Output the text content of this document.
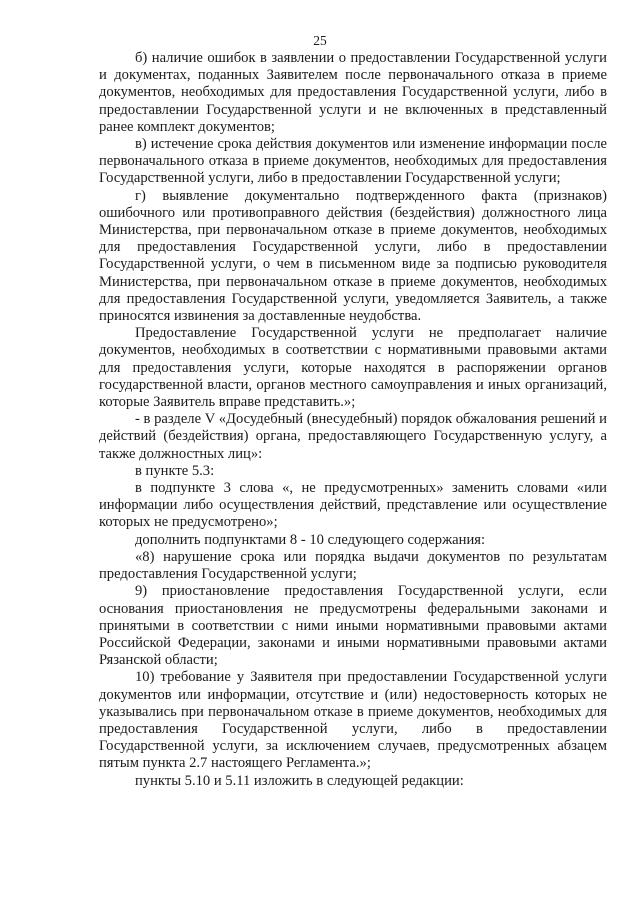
25

б) наличие ошибок в заявлении о предоставлении Государственной услуги и документах, поданных Заявителем после первоначального отказа в приеме документов, необходимых для предоставления Государственной услуги, либо в предоставлении Государственной услуги и не включенных в представленный ранее комплект документов;

в) истечение срока действия документов или изменение информации после первоначального отказа в приеме документов, необходимых для предоставления Государственной услуги, либо в предоставлении Государственной услуги;

г) выявление документально подтвержденного факта (признаков) ошибочного или противоправного действия (бездействия) должностного лица Министерства, при первоначальном отказе в приеме документов, необходимых для предоставления Государственной услуги, либо в предоставлении Государственной услуги, о чем в письменном виде за подписью руководителя Министерства, при первоначальном отказе в приеме документов, необходимых для предоставления Государственной услуги, уведомляется Заявитель, а также приносятся извинения за доставленные неудобства.

Предоставление Государственной услуги не предполагает наличие документов, необходимых в соответствии с нормативными правовыми актами для предоставления услуги, которые находятся в распоряжении органов государственной власти, органов местного самоуправления и иных организаций, которые Заявитель вправе представить.»;

- в разделе V «Досудебный (внесудебный) порядок обжалования решений и действий (бездействия) органа, предоставляющего Государственную услугу, а также должностных лиц»:

в пункте 5.3:

в подпункте 3 слова «, не предусмотренных» заменить словами «или информации либо осуществления действий, представление или осуществление которых не предусмотрено»;

дополнить подпунктами 8 - 10 следующего содержания:

«8) нарушение срока или порядка выдачи документов по результатам предоставления Государственной услуги;

9) приостановление предоставления Государственной услуги, если основания приостановления не предусмотрены федеральными законами и принятыми в соответствии с ними иными нормативными правовыми актами Российской Федерации, законами и иными нормативными правовыми актами Рязанской области;

10) требование у Заявителя при предоставлении Государственной услуги документов или информации, отсутствие и (или) недостоверность которых не указывались при первоначальном отказе в приеме документов, необходимых для предоставления Государственной услуги, либо в предоставлении Государственной услуги, за исключением случаев, предусмотренных абзацем пятым пункта 2.7 настоящего Регламента.»;

пункты 5.10 и 5.11 изложить в следующей редакции:
